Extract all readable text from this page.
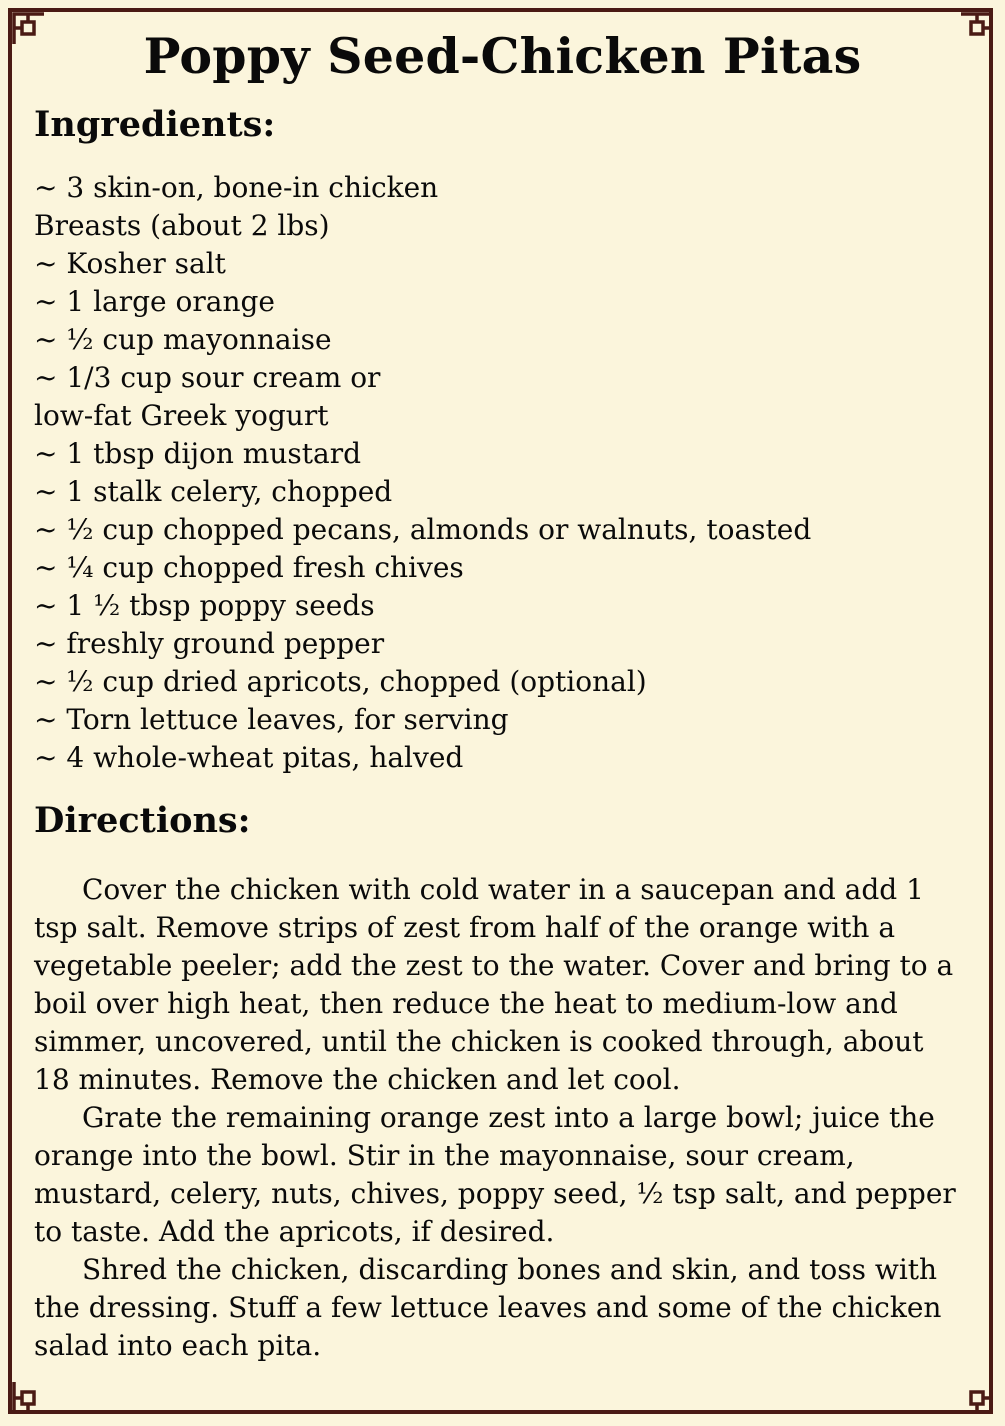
Poppy Seed-Chicken Pitas
Ingredients:
~ 3 skin-on, bone-in chicken
Breasts (about 2 lbs)
~ Kosher salt
~ 1 large orange
~ ½ cup mayonnaise
~ 1/3 cup sour cream or
low-fat Greek yogurt
~ 1 tbsp dijon mustard
~ 1 stalk celery, chopped
~ ½ cup chopped pecans, almonds or walnuts, toasted
~ ¼ cup chopped fresh chives
~ 1 ½ tbsp poppy seeds
~ freshly ground pepper
~ ½ cup dried apricots, chopped (optional)
~ Torn lettuce leaves, for serving
~ 4 whole-wheat pitas, halved
Directions:

Cover the chicken with cold water in a saucepan and add 1 tsp salt. Remove strips of zest from half of the orange with a vegetable peeler; add the zest to the water. Cover and bring to a boil over high heat, then reduce the heat to medium-low and simmer, uncovered, until the chicken is cooked through, about 18 minutes. Remove the chicken and let cool.

Grate the remaining orange zest into a large bowl; juice the orange into the bowl. Stir in the mayonnaise, sour cream, mustard, celery, nuts, chives, poppy seed, ½ tsp salt, and pepper to taste. Add the apricots, if desired.

Shred the chicken, discarding bones and skin, and toss with the dressing. Stuff a few lettuce leaves and some of the chicken salad into each pita.
